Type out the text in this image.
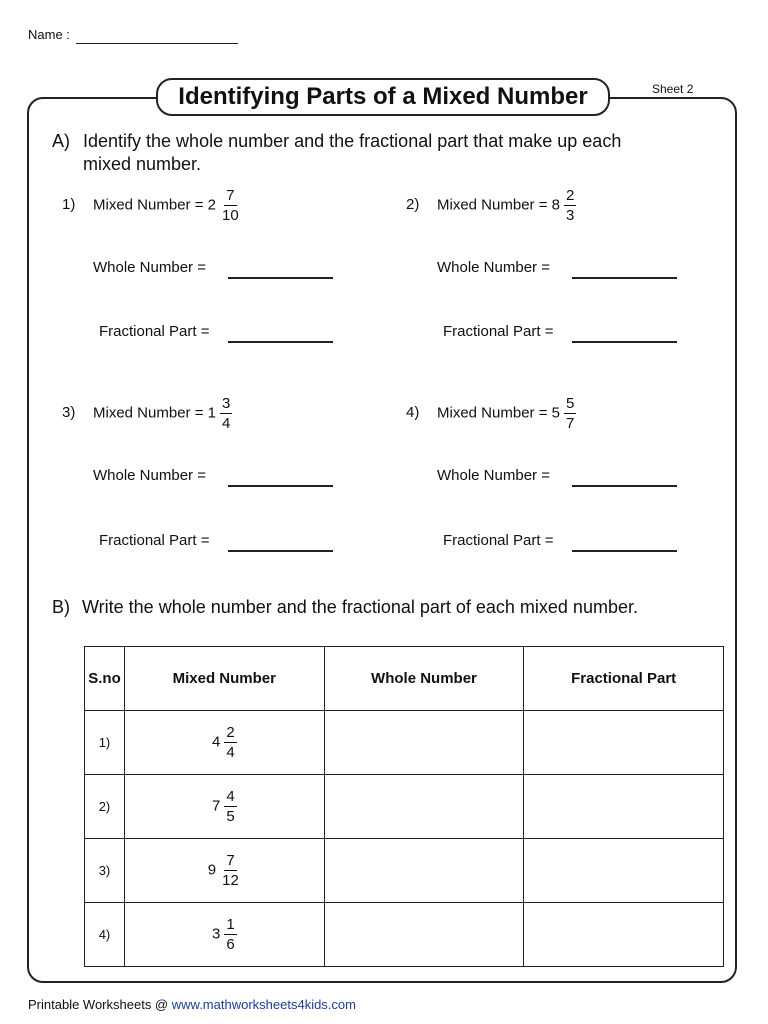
Name :
Identifying Parts of a Mixed Number	Sheet 2
A) Identify the whole number and the fractional part that make up each
mixed number.
1) Mixed Number = $2 \frac{7}{10}$
Whole Number =
Fractional Part =
2) Mixed Number = $8 \frac{2}{3}$
Whole Number =
Fractional Part =
3) Mixed Number = $1 \frac{3}{4}$
Whole Number =
Fractional Part =
4) Mixed Number = $5 \frac{5}{7}$
Whole Number =
Fractional Part =
B) Write the whole number and the fractional part of each mixed number.
S.no	Mixed Number	Whole Number	Fractional Part
1)	$4 \frac{2}{4}$

2)	$7 \frac{4}{5}$

3)	$9 \frac{7}{12}$

4)	$3 \frac{1}{6}$

Printable Worksheets @ www.mathworksheets4kids.com
